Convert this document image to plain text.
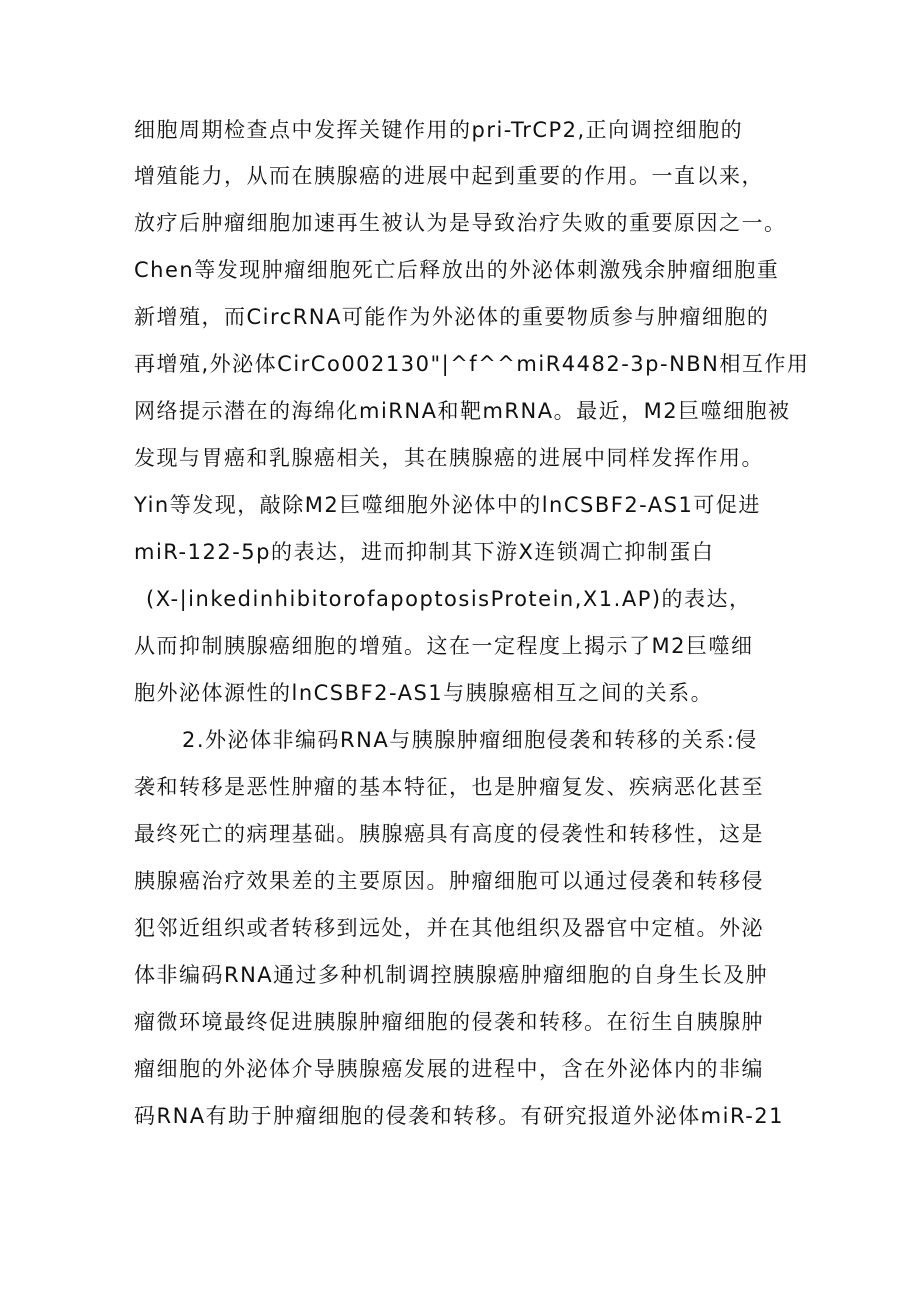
细胞周期检查点中发挥关键作用的pri-TrCP2,正向调控细胞的

增殖能力，从而在胰腺癌的进展中起到重要的作用。一直以来，

放疗后肿瘤细胞加速再生被认为是导致治疗失败的重要原因之一。

Chen等发现肿瘤细胞死亡后释放出的外泌体刺激残余肿瘤细胞重

新增殖，而CircRNA可能作为外泌体的重要物质参与肿瘤细胞的

再增殖,外泌体CirCo002130"|^f^^miR4482-3p-NBN相互作用

网络提示潜在的海绵化miRNA和靶mRNA。最近，M2巨噬细胞被

发现与胃癌和乳腺癌相关，其在胰腺癌的进展中同样发挥作用。

Yin等发现，敲除M2巨噬细胞外泌体中的lnCSBF2-AS1可促进

miR-122-5p的表达，进而抑制其下游X连锁凋亡抑制蛋白

(X-|inkedinhibitorofapoptosisProtein,X1.AP)的表达，

从而抑制胰腺癌细胞的增殖。这在一定程度上揭示了M2巨噬细

胞外泌体源性的lnCSBF2-AS1与胰腺癌相互之间的关系。

2.外泌体非编码RNA与胰腺肿瘤细胞侵袭和转移的关系:侵

袭和转移是恶性肿瘤的基本特征，也是肿瘤复发、疾病恶化甚至

最终死亡的病理基础。胰腺癌具有高度的侵袭性和转移性，这是

胰腺癌治疗效果差的主要原因。肿瘤细胞可以通过侵袭和转移侵

犯邻近组织或者转移到远处，并在其他组织及器官中定植。外泌

体非编码RNA通过多种机制调控胰腺癌肿瘤细胞的自身生长及肿

瘤微环境最终促进胰腺肿瘤细胞的侵袭和转移。在衍生自胰腺肿

瘤细胞的外泌体介导胰腺癌发展的进程中，含在外泌体内的非编

码RNA有助于肿瘤细胞的侵袭和转移。有研究报道外泌体miR-21
